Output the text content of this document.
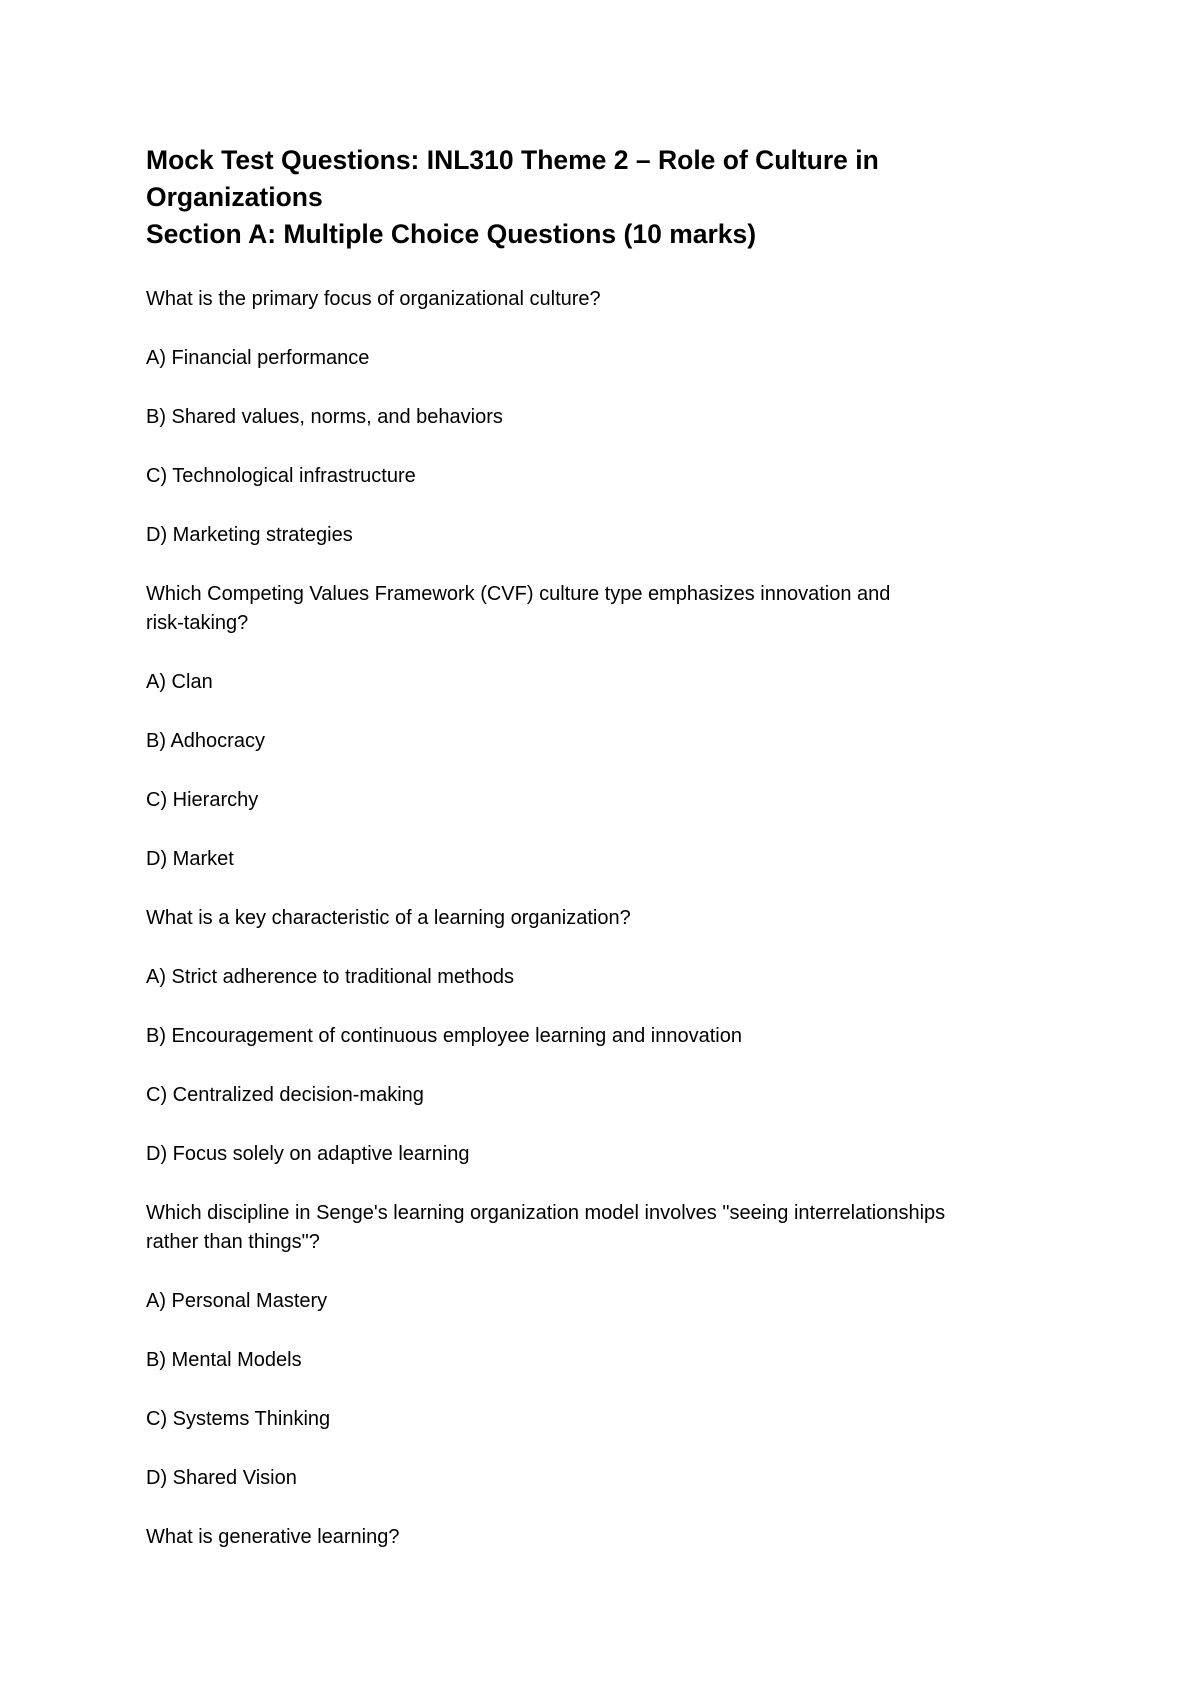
Mock Test Questions: INL310 Theme 2 – Role of Culture in

Organizations

Section A: Multiple Choice Questions (10 marks)

What is the primary focus of organizational culture?

A) Financial performance

B) Shared values, norms, and behaviors

C) Technological infrastructure

D) Marketing strategies

Which Competing Values Framework (CVF) culture type emphasizes innovation and
risk-taking?

A) Clan

B) Adhocracy

C) Hierarchy

D) Market

What is a key characteristic of a learning organization?

A) Strict adherence to traditional methods

B) Encouragement of continuous employee learning and innovation

C) Centralized decision-making

D) Focus solely on adaptive learning

Which discipline in Senge's learning organization model involves "seeing interrelationships
rather than things"?

A) Personal Mastery

B) Mental Models

C) Systems Thinking

D) Shared Vision

What is generative learning?
